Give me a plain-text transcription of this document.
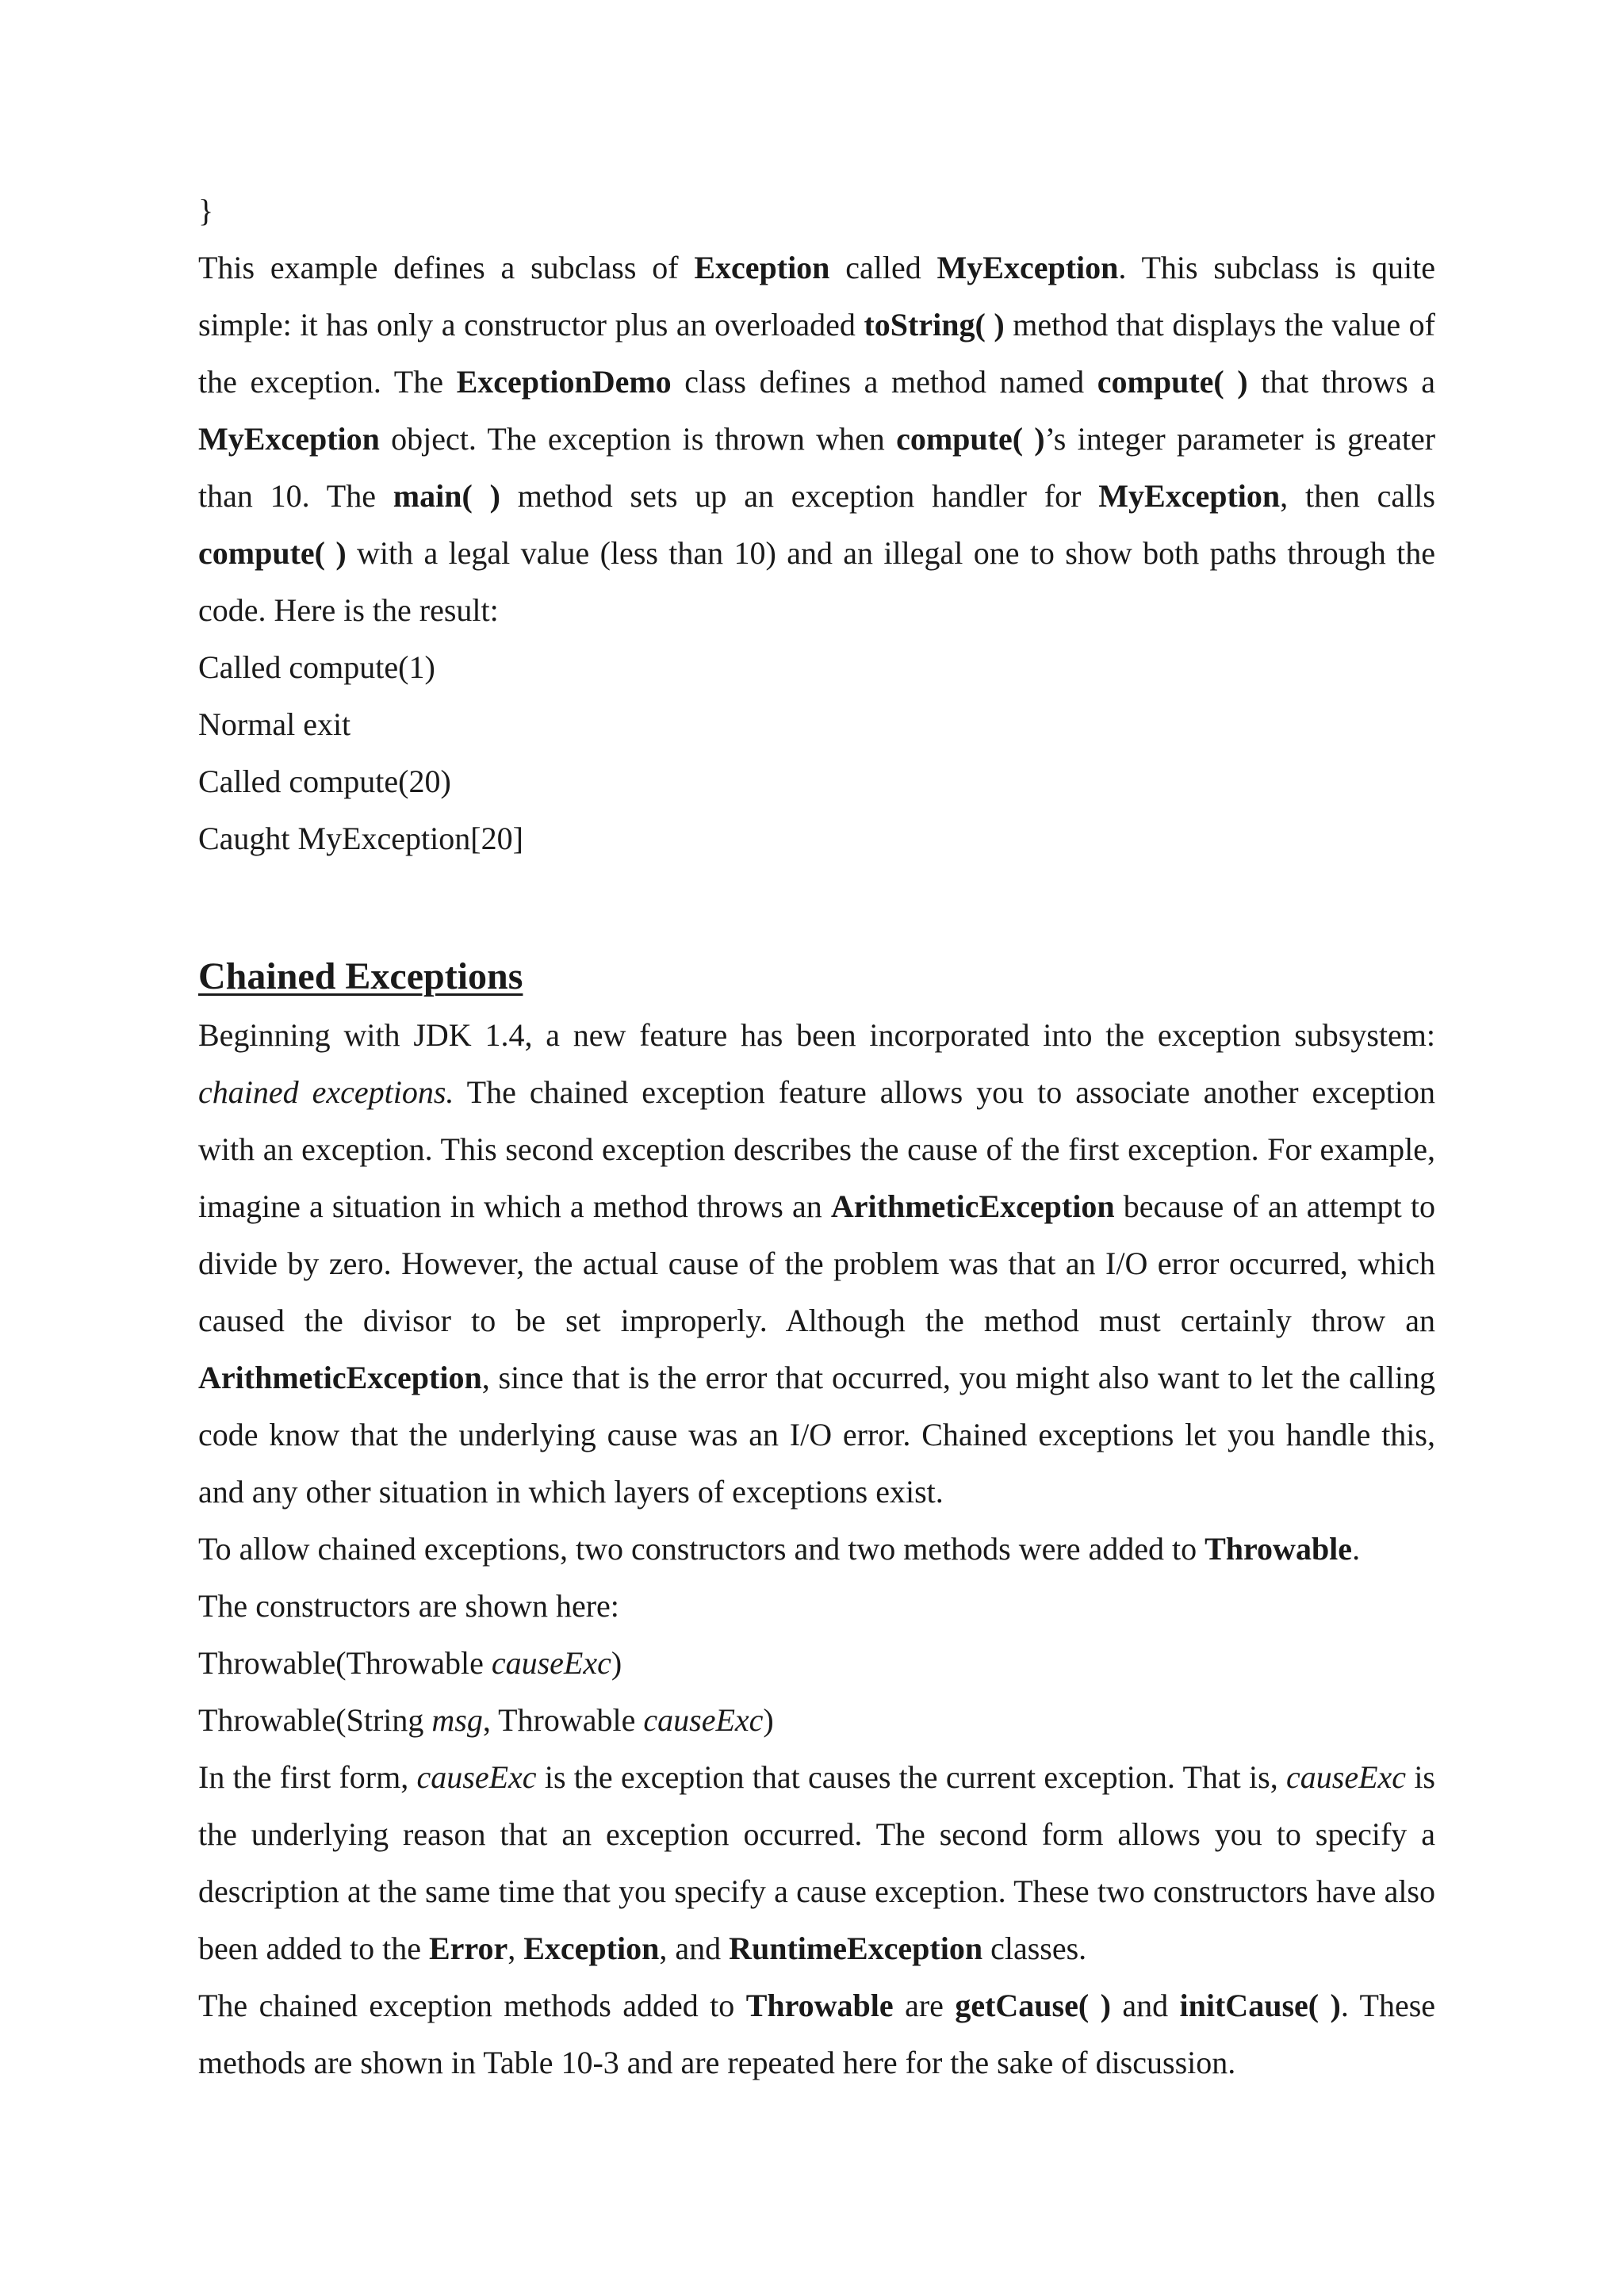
}

This example defines a subclass of Exception called MyException. This subclass is quite simple: it has only a constructor plus an overloaded toString( ) method that displays the value of the exception. The ExceptionDemo class defines a method named compute( ) that throws a MyException object. The exception is thrown when compute( )’s integer parameter is greater than 10. The main( ) method sets up an exception handler for MyException, then calls compute( ) with a legal value (less than 10) and an illegal one to show both paths through the code. Here is the result:

Called compute(1)

Normal exit

Called compute(20)

Caught MyException[20]

Chained Exceptions

Beginning with JDK 1.4, a new feature has been incorporated into the exception subsystem: chained exceptions. The chained exception feature allows you to associate another exception with an exception. This second exception describes the cause of the first exception. For example, imagine a situation in which a method throws an ArithmeticException because of an attempt to divide by zero. However, the actual cause of the problem was that an I/O error occurred, which caused the divisor to be set improperly. Although the method must certainly throw an ArithmeticException, since that is the error that occurred, you might also want to let the calling code know that the underlying cause was an I/O error. Chained exceptions let you handle this, and any other situation in which layers of exceptions exist.

To allow chained exceptions, two constructors and two methods were added to Throwable.

The constructors are shown here:

Throwable(Throwable causeExc)

Throwable(String msg, Throwable causeExc)

In the first form, causeExc is the exception that causes the current exception. That is, causeExc is the underlying reason that an exception occurred. The second form allows you to specify a description at the same time that you specify a cause exception. These two constructors have also been added to the Error, Exception, and RuntimeException classes.

The chained exception methods added to Throwable are getCause( ) and initCause( ). These methods are shown in Table 10-3 and are repeated here for the sake of discussion.
